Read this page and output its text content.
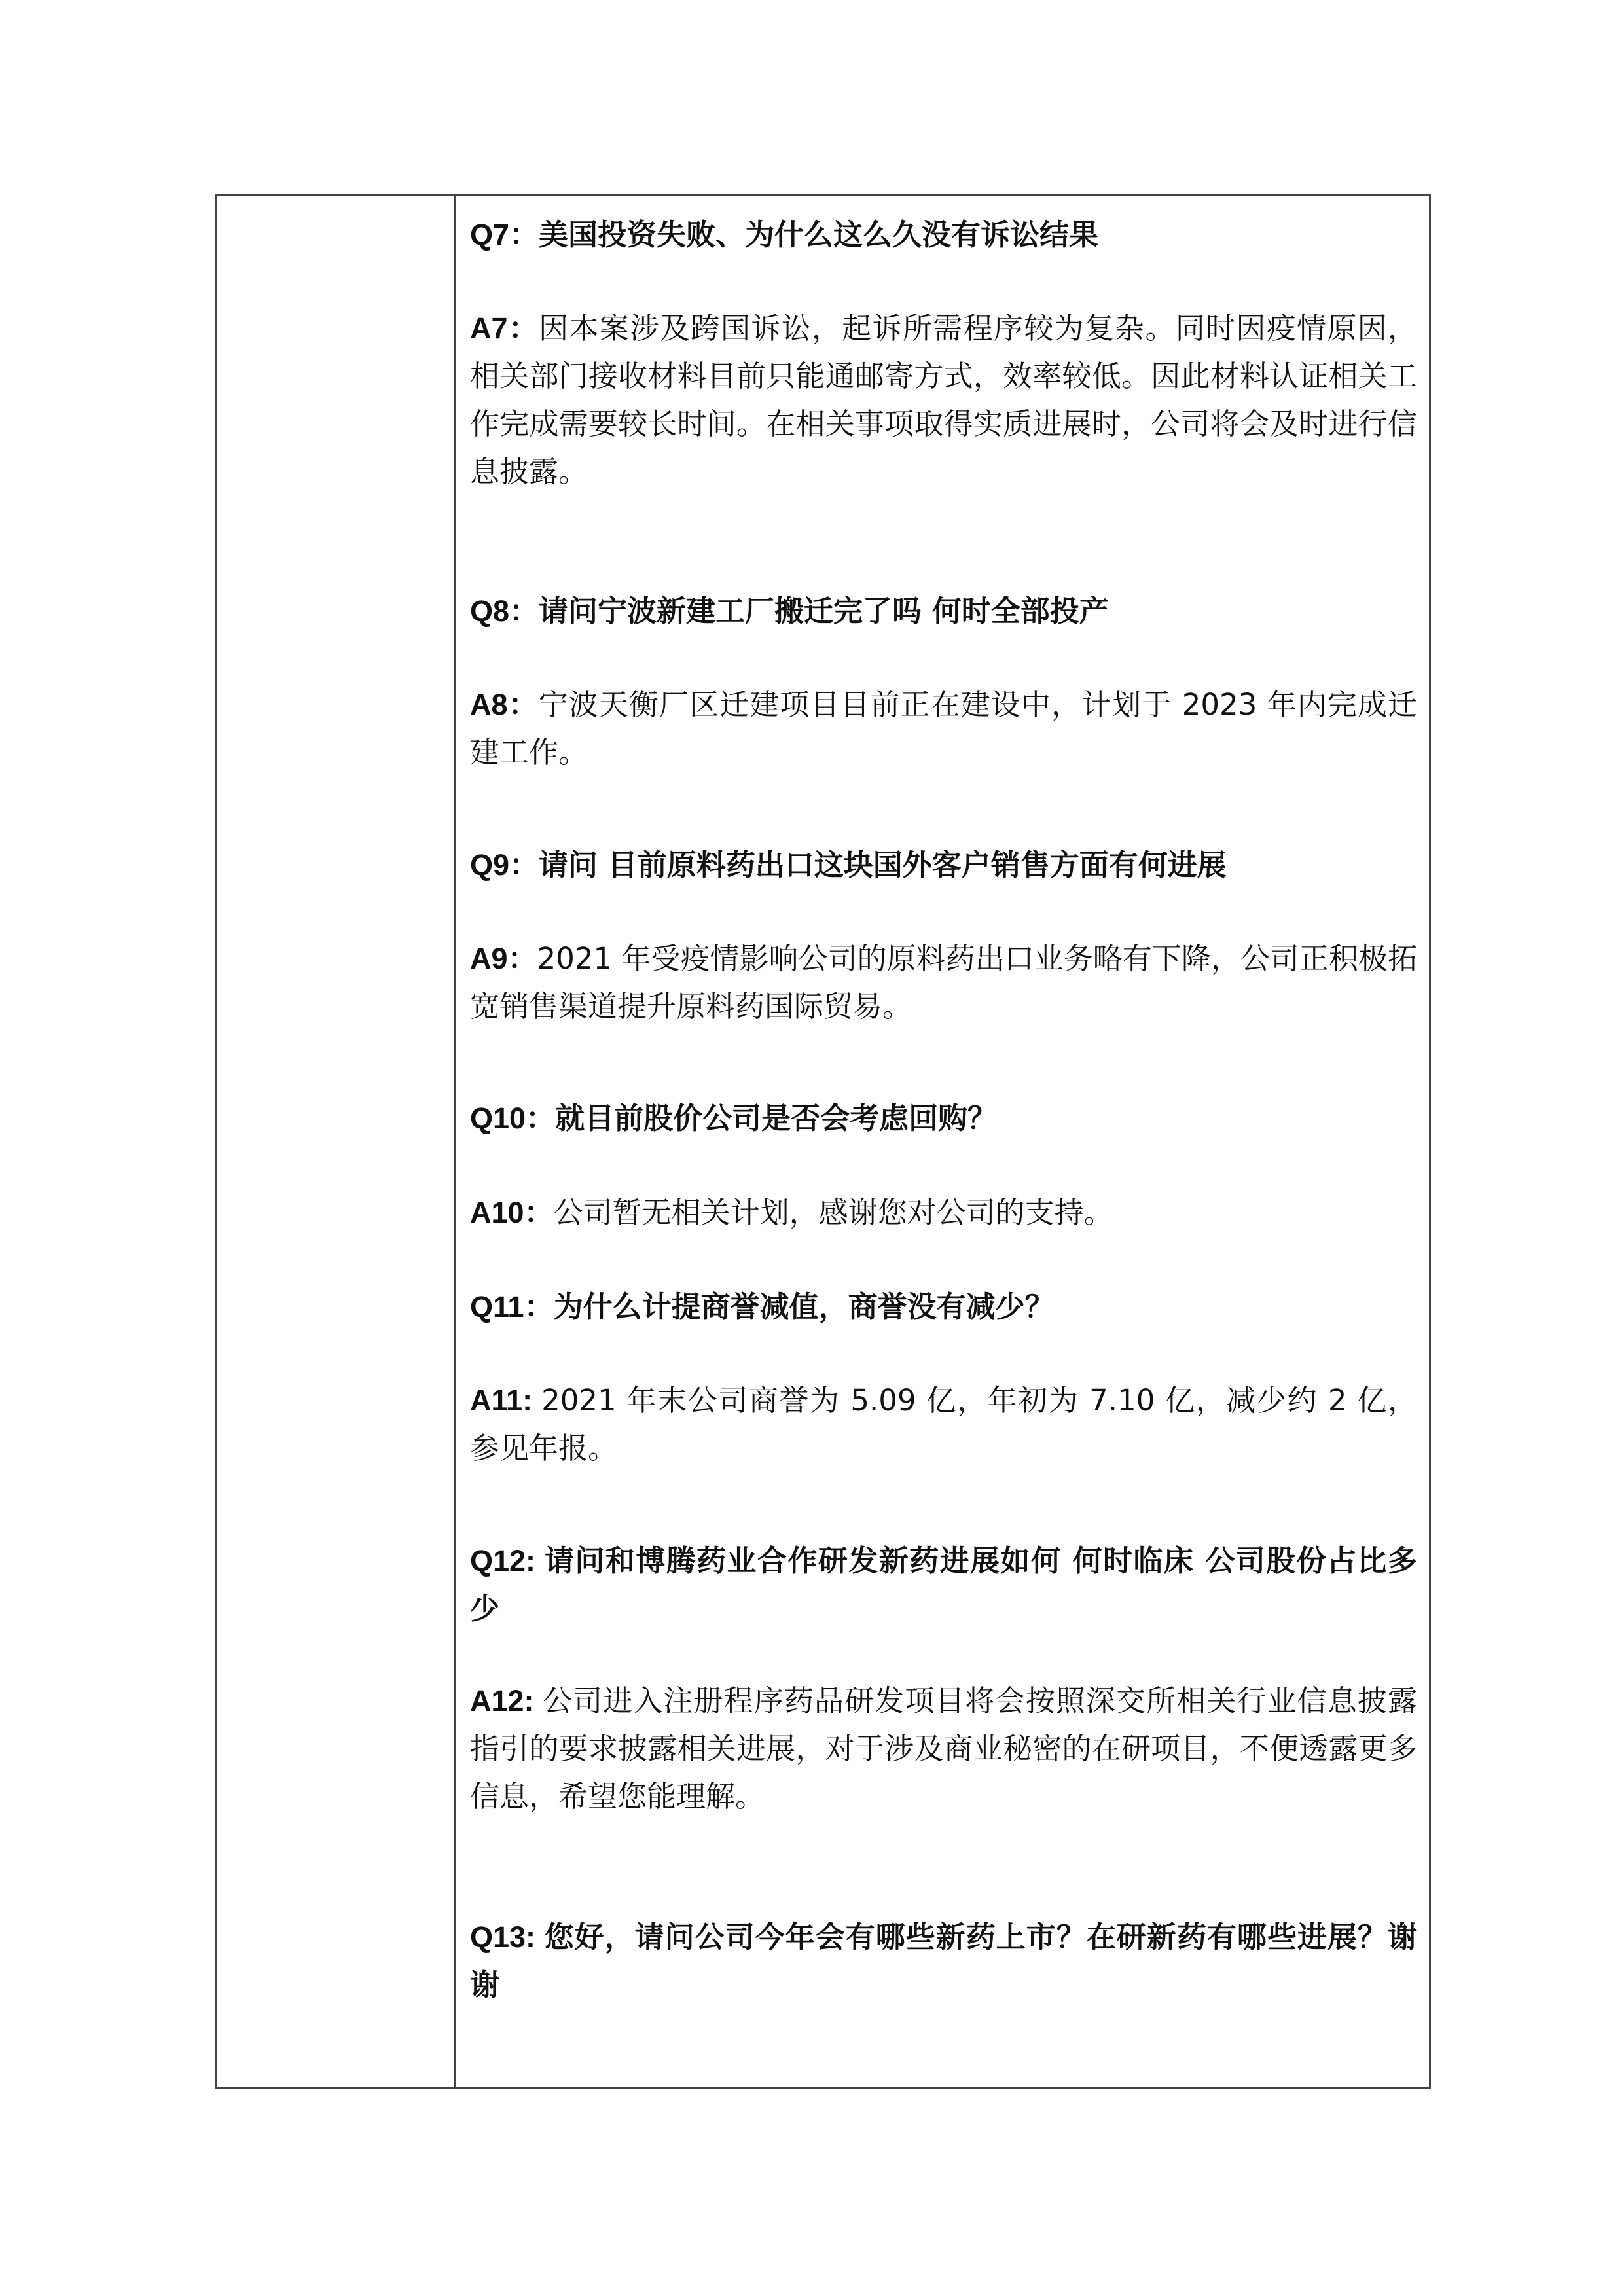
Q7：美国投资失败、为什么这么久没有诉讼结果

A7：因本案涉及跨国诉讼，起诉所需程序较为复杂。同时因疫情原因，相关部门接收材料目前只能通邮寄方式，效率较低。因此材料认证相关工作完成需要较长时间。在相关事项取得实质进展时，公司将会及时进行信息披露。

Q8：请问宁波新建工厂搬迁完了吗 何时全部投产

A8：宁波天衡厂区迁建项目目前正在建设中，计划于 2023 年内完成迁建工作。

Q9：请问 目前原料药出口这块国外客户销售方面有何进展

A9：2021 年受疫情影响公司的原料药出口业务略有下降，公司正积极拓宽销售渠道提升原料药国际贸易。

Q10：就目前股价公司是否会考虑回购？

A10：公司暂无相关计划，感谢您对公司的支持。

Q11：为什么计提商誉减值，商誉没有减少？

A11: 2021 年末公司商誉为 5.09 亿，年初为 7.10 亿，减少约 2 亿，参见年报。

Q12: 请问和博腾药业合作研发新药进展如何 何时临床 公司股份占比多少

A12: 公司进入注册程序药品研发项目将会按照深交所相关行业信息披露指引的要求披露相关进展，对于涉及商业秘密的在研项目，不便透露更多信息，希望您能理解。

Q13: 您好，请问公司今年会有哪些新药上市？在研新药有哪些进展？谢谢
